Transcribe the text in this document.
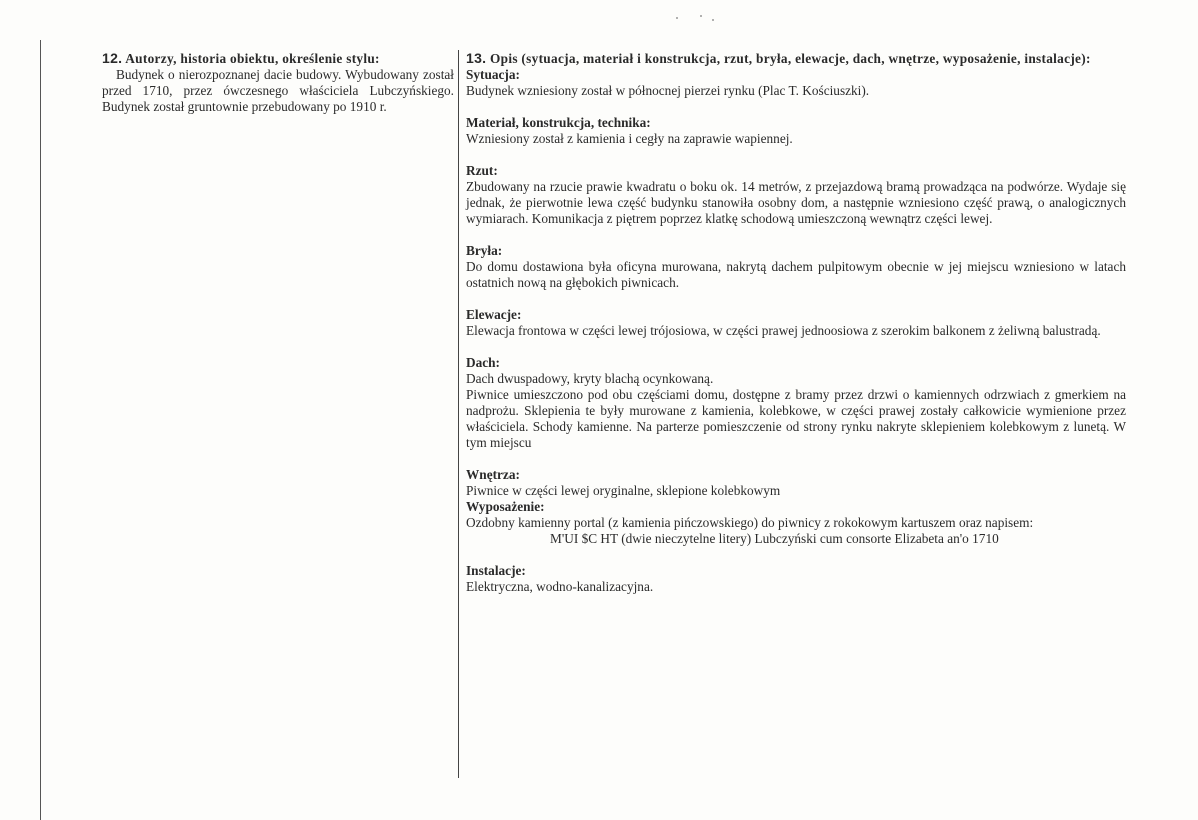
12. Autorzy, historia obiektu, określenie stylu:
Budynek o nierozpoznanej dacie budowy. Wybudowany został przed 1710, przez ówczesnego właściciela Lubczyńskiego. Budynek został gruntownie przebudowany po 1910 r.
13. Opis (sytuacja, materiał i konstrukcja, rzut, bryła, elewacje, dach, wnętrze, wyposażenie, instalacje):
Sytuacja:
Budynek wzniesiony został w północnej pierzei rynku (Plac T. Kościuszki).
Materiał, konstrukcja, technika:
Wzniesiony został z kamienia i cegły na zaprawie wapiennej.
Rzut:
Zbudowany na rzucie prawie kwadratu o boku ok. 14 metrów, z przejazdową bramą prowadząca na podwórze. Wydaje się jednak, że pierwotnie lewa część budynku stanowiła osobny dom, a następnie wzniesiono część prawą, o analogicznych wymiarach. Komunikacja z piętrem poprzez klatkę schodową umieszczoną wewnątrz części lewej.
Bryła:
Do domu dostawiona była oficyna murowana, nakrytą dachem pulpitowym obecnie w jej miejscu wzniesiono w latach ostatnich nową na głębokich piwnicach.
Elewacje:
Elewacja frontowa w części lewej trójosiowa, w części prawej jednoosiowa z szerokim balkonem z żeliwną balustradą.
Dach:
Dach dwuspadowy, kryty blachą ocynkowaną.
Piwnice umieszczono pod obu częściami domu, dostępne z bramy przez drzwi o kamiennych odrzwiach z gmerkiem na nadprożu. Sklepienia te były murowane z kamienia, kolebkowe, w części prawej zostały całkowicie wymienione przez właściciela. Schody kamienne. Na parterze pomieszczenie od strony rynku nakryte sklepieniem kolebkowym z lunetą. W tym miejscu
Wnętrza:
Piwnice w części lewej oryginalne, sklepione kolebkowym
Wyposażenie:
Ozdobny kamienny portal (z kamienia pińczowskiego) do piwnicy z rokokowym kartuszem oraz napisem:
M'UI $C HT (dwie nieczytelne litery) Lubczyński cum consorte Elizabeta an'o 1710
Instalacje:
Elektryczna, wodno-kanalizacyjna.
